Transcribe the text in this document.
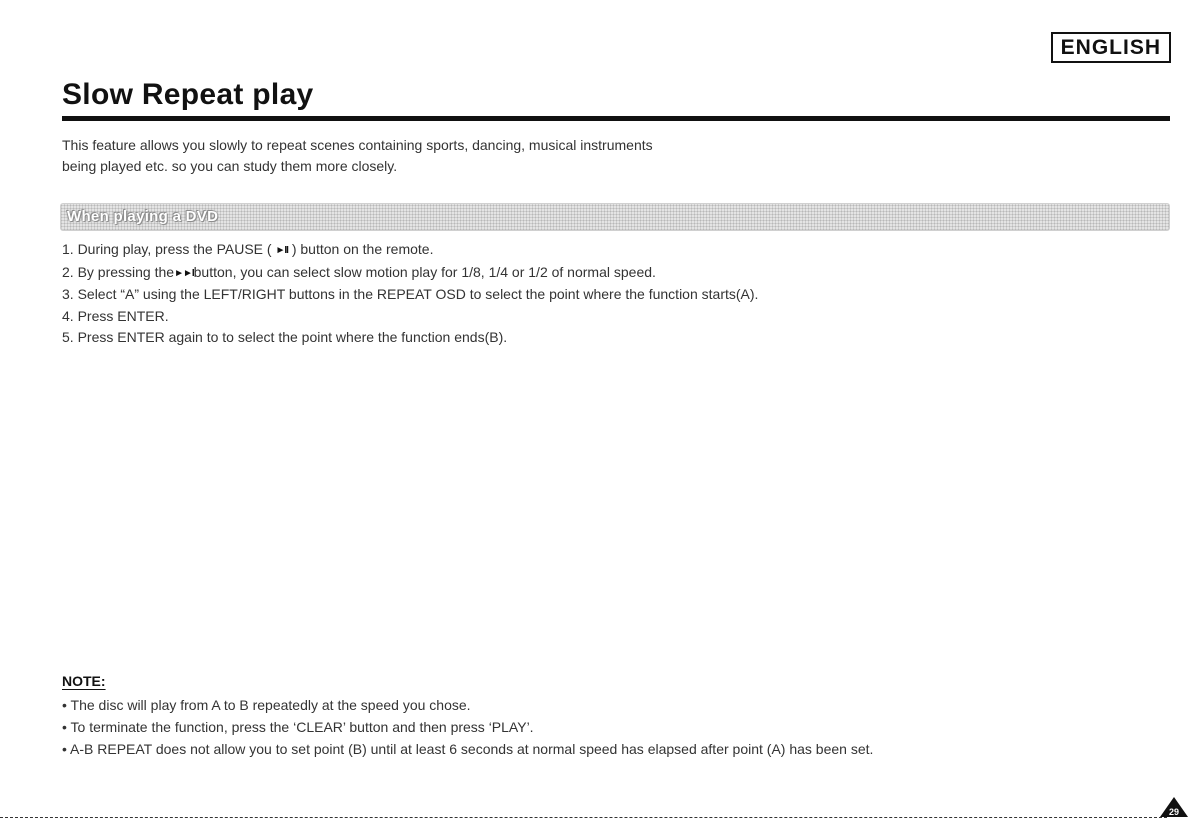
ENGLISH
Slow Repeat play

This feature allows you slowly to repeat scenes containing sports, dancing, musical instruments

being played etc. so you can study them more closely.

When playing a DVD

1. During play, press the PAUSE ( ►II ) button on the remote.

2. By pressing the►►Ibutton, you can select slow motion play for 1/8, 1/4 or 1/2 of normal speed.

3. Select “A” using the LEFT/RIGHT buttons in the REPEAT OSD to select the point where the function starts(A).

4. Press ENTER.

5. Press ENTER again to to select the point where the function ends(B).

NOTE:

• The disc will play from A to B repeatedly at the speed you chose.

• To terminate the function, press the ‘CLEAR’ button and then press ‘PLAY’.

• A-B REPEAT does not allow you to set point (B) until at least 6 seconds at normal speed has elapsed after point (A) has been set.

29
